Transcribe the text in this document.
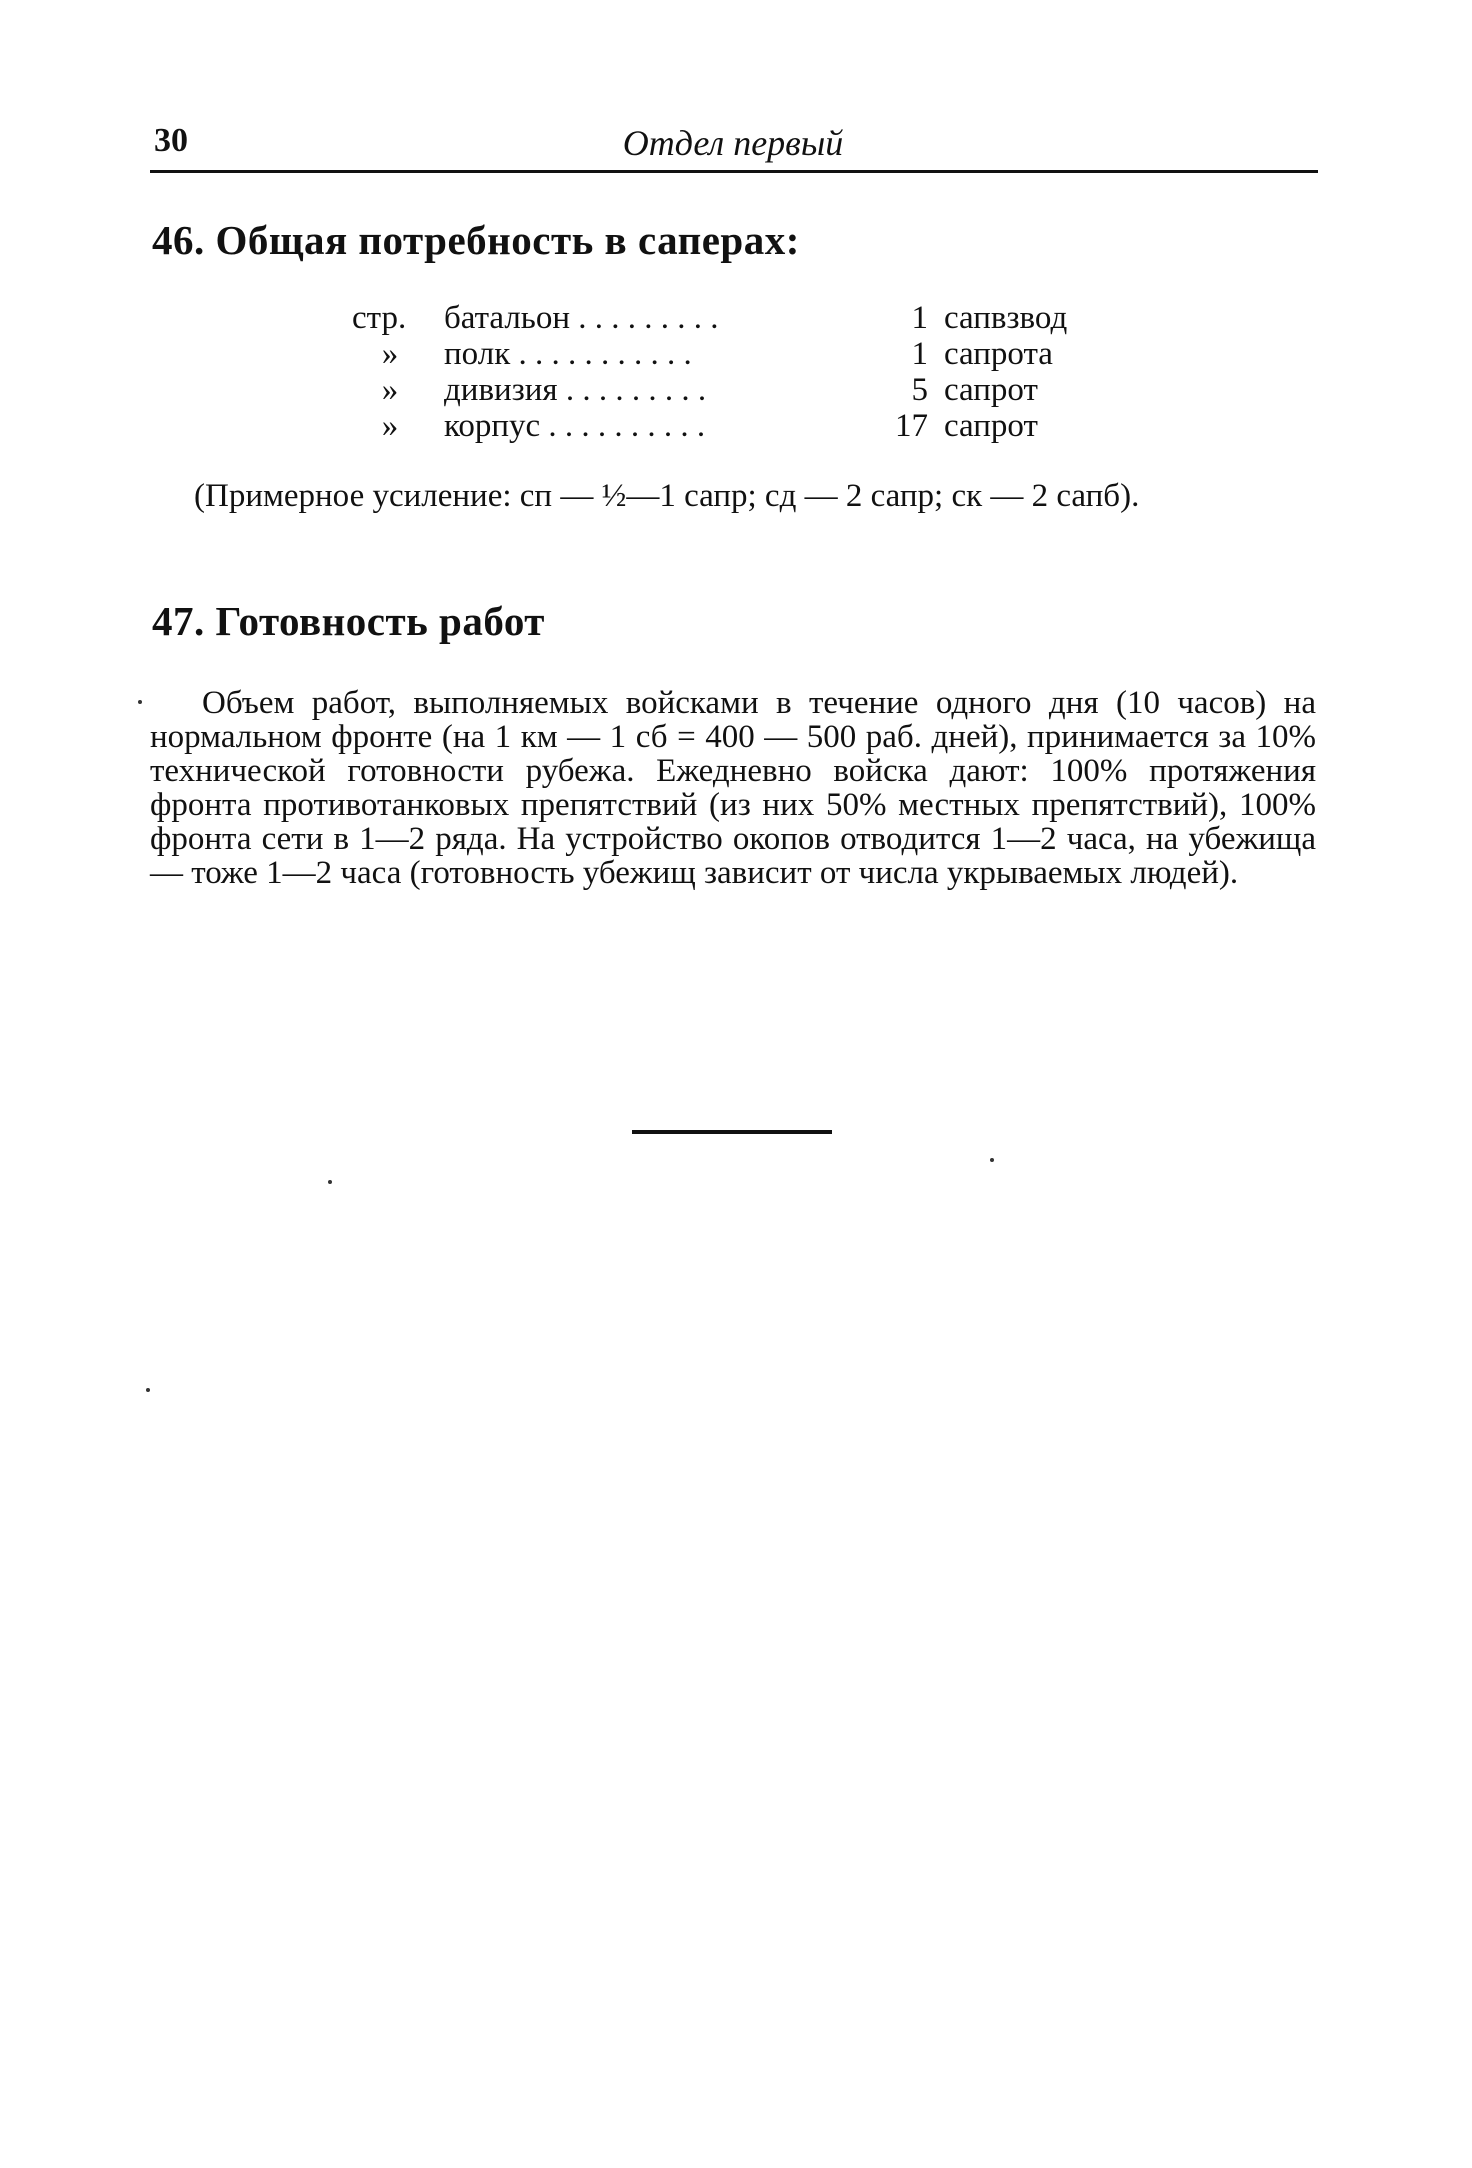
30	Отдел первый
46. Общая потребность в саперах:
стр.	батальон . . . . . . . . .	1 сапвзвод
»	полк . . . . . . . . . . .	1 сапрота
»	дивизия . . . . . . . . .	5 сапрот
»	корпус . . . . . . . . . .	17 сапрот
(Примерное усиление: сп — ½—1 сапр; сд — 2 сапр; ск — 2 сапб).
47. Готовность работ
Объем работ, выполняемых войсками в течение одного дня (10 часов) на нормальном фронте (на 1 км — 1 сб = 400 — 500 раб. дней), принимается за 10% технической готовности рубежа. Ежедневно войска дают: 100% протяжения фронта противотанковых препятствий (из них 50% местных препятствий), 100% фронта сети в 1—2 ряда. На устройство окопов отводится 1—2 часа, на убежища — тоже 1—2 часа (готовность убежищ зависит от числа укрываемых людей).
